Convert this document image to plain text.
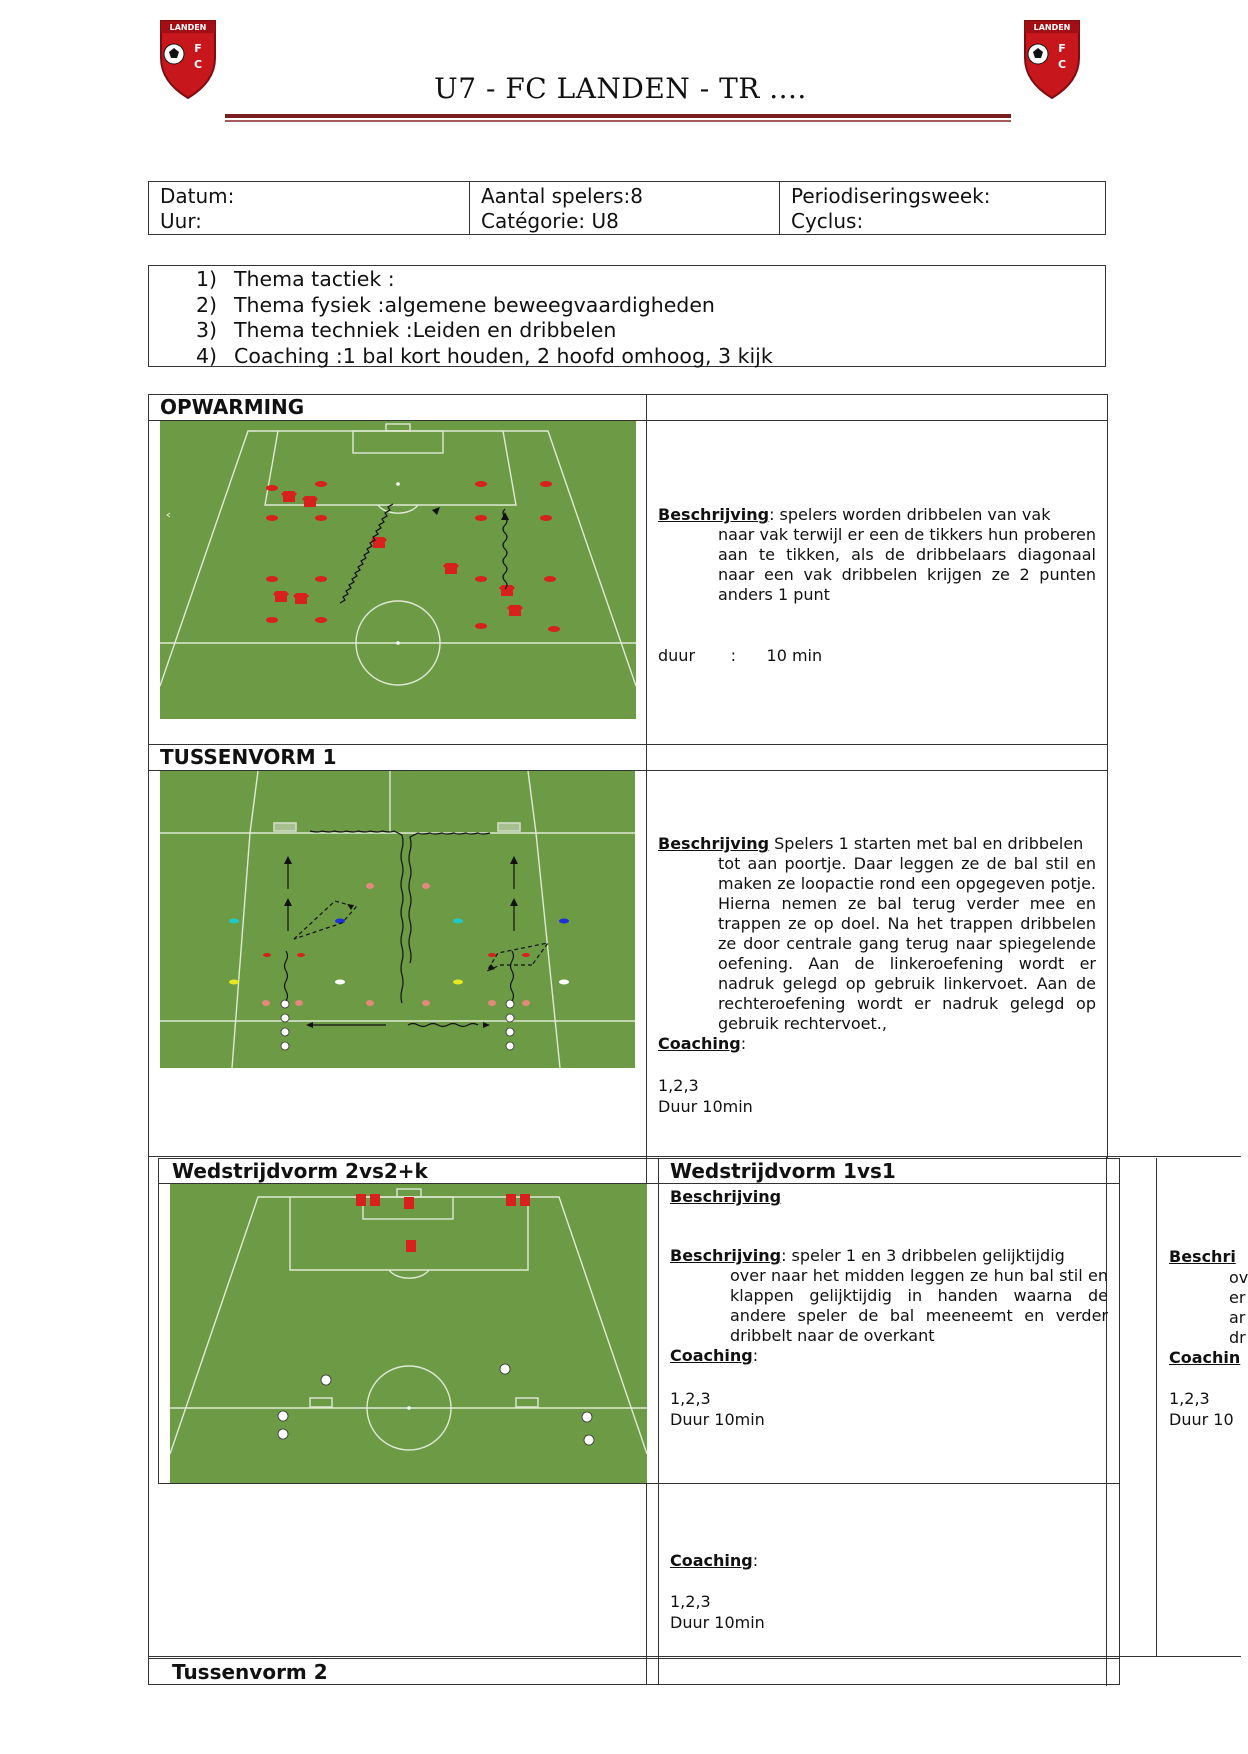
LANDEN
F
C
LANDEN
F
C
U7 - FC LANDEN - TR ....
Datum:
Uur:
Aantal spelers:8
Catégorie: U8
Periodiseringsweek:
Cyclus:
1) Thema tactiek :
2) Thema fysiek :algemene beweegvaardigheden
3) Thema techniek :Leiden en dribbelen
4) Coaching :1 bal kort houden, 2 hoofd omhoog, 3 kijk
OPWARMING
Beschrijving: spelers worden dribbelen van vak
naar vak terwijl er een de tikkers hun proberen aan te tikken, als de dribbelaars diagonaal naar een vak dribbelen krijgen ze 2 punten anders 1 punt
duur       :      10 min
TUSSENVORM 1
Beschrijving Spelers 1 starten met bal en dribbelen
tot aan poortje. Daar leggen ze de bal stil en maken ze loopactie rond een opgegeven potje. Hierna nemen ze bal terug verder mee en trappen ze op doel. Na het trappen dribbelen ze door centrale gang terug naar spiegelende oefening. Aan de linkeroefening wordt er nadruk gelegd op gebruik linkervoet. Aan de rechteroefening wordt er nadruk gelegd op gebruik rechtervoet.,
Coaching:
1,2,3
Duur 10min
Wedstrijdvorm 2vs2+k	Wedstrijdvorm 1vs1
Beschrijving
Beschrijving: speler 1 en 3 dribbelen gelijktijdig
over naar het midden leggen ze hun bal stil en klappen gelijktijdig in handen waarna de andere speler de bal meeneemt en verder dribbelt naar de overkant
Coaching:
1,2,3
Duur 10min
Coaching:
1,2,3
Duur 10min
Beschri
ov
er
ar
dr
Coachin
1,2,3
Duur 10
Tussenvorm 2
